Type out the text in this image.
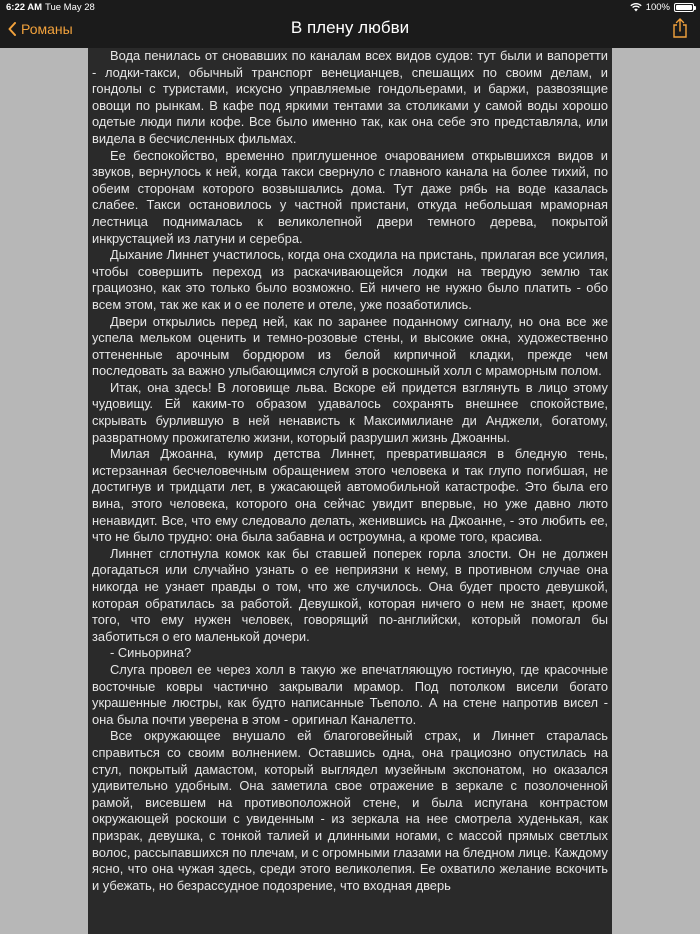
6:22 AM Tue May 28	100%
Романы	В плену любви

Вода пенилась от сновавших по каналам всех видов судов: тут были и вапоретти - лодки-такси, обычный транспорт венецианцев, спешащих по своим делам, и гондолы с туристами, искусно управляемые гондольерами, и баржи, развозящие овощи по рынкам. В кафе под яркими тентами за столиками у самой воды хорошо одетые люди пили кофе. Все было именно так, как она себе это представляла, или видела в бесчисленных фильмах.

Ее беспокойство, временно приглушенное очарованием открывшихся видов и звуков, вернулось к ней, когда такси свернуло с главного канала на более тихий, по обеим сторонам которого возвышались дома. Тут даже рябь на воде казалась слабее. Такси остановилось у частной пристани, откуда небольшая мраморная лестница поднималась к великолепной двери темного дерева, покрытой инкрустацией из латуни и серебра.

Дыхание Линнет участилось, когда она сходила на пристань, прилагая все усилия, чтобы совершить переход из раскачивающейся лодки на твердую землю так грациозно, как это только было возможно. Ей ничего не нужно было платить - обо всем этом, так же как и о ее полете и отеле, уже позаботились.

Двери открылись перед ней, как по заранее поданному сигналу, но она все же успела мельком оценить и темно-розовые стены, и высокие окна, художественно оттененные арочным бордюром из белой кирпичной кладки, прежде чем последовать за важно улыбающимся слугой в роскошный холл с мраморным полом.

Итак, она здесь! В логовище льва. Вскоре ей придется взглянуть в лицо этому чудовищу. Ей каким-то образом удавалось сохранять внешнее спокойствие, скрывать бурлившую в ней ненависть к Максимилиане ди Анджели, богатому, развратному прожигателю жизни, который разрушил жизнь Джоанны.

Милая Джоанна, кумир детства Линнет, превратившаяся в бледную тень, истерзанная бесчеловечным обращением этого человека и так глупо погибшая, не достигнув и тридцати лет, в ужасающей автомобильной катастрофе. Это была его вина, этого человека, которого она сейчас увидит впервые, но уже давно люто ненавидит. Все, что ему следовало делать, женившись на Джоанне, - это любить ее, что не было трудно: она была забавна и остроумна, а кроме того, красива.

Линнет сглотнула комок как бы ставшей поперек горла злости. Он не должен догадаться или случайно узнать о ее неприязни к нему, в противном случае она никогда не узнает правды о том, что же случилось. Она будет просто девушкой, которая обратилась за работой. Девушкой, которая ничего о нем не знает, кроме того, что ему нужен человек, говорящий по-английски, который помогал бы заботиться о его маленькой дочери.

- Синьорина?

Слуга провел ее через холл в такую же впечатляющую гостиную, где красочные восточные ковры частично закрывали мрамор. Под потолком висели богато украшенные люстры, как будто написанные Тьеполо. А на стене напротив висел - она была почти уверена в этом - оригинал Каналетто.

Все окружающее внушало ей благоговейный страх, и Линнет старалась справиться со своим волнением. Оставшись одна, она грациозно опустилась на стул, покрытый дамастом, который выглядел музейным экспонатом, но оказался удивительно удобным. Она заметила свое отражение в зеркале с позолоченной рамой, висевшем на противоположной стене, и была испугана контрастом окружающей роскоши с увиденным - из зеркала на нее смотрела худенькая, как призрак, девушка, с тонкой талией и длинными ногами, с массой прямых светлых волос, рассыпавшихся по плечам, и с огромными глазами на бледном лице. Каждому ясно, что она чужая здесь, среди этого великолепия. Ее охватило желание вскочить и убежать, но безрассудное подозрение, что входная дверь
